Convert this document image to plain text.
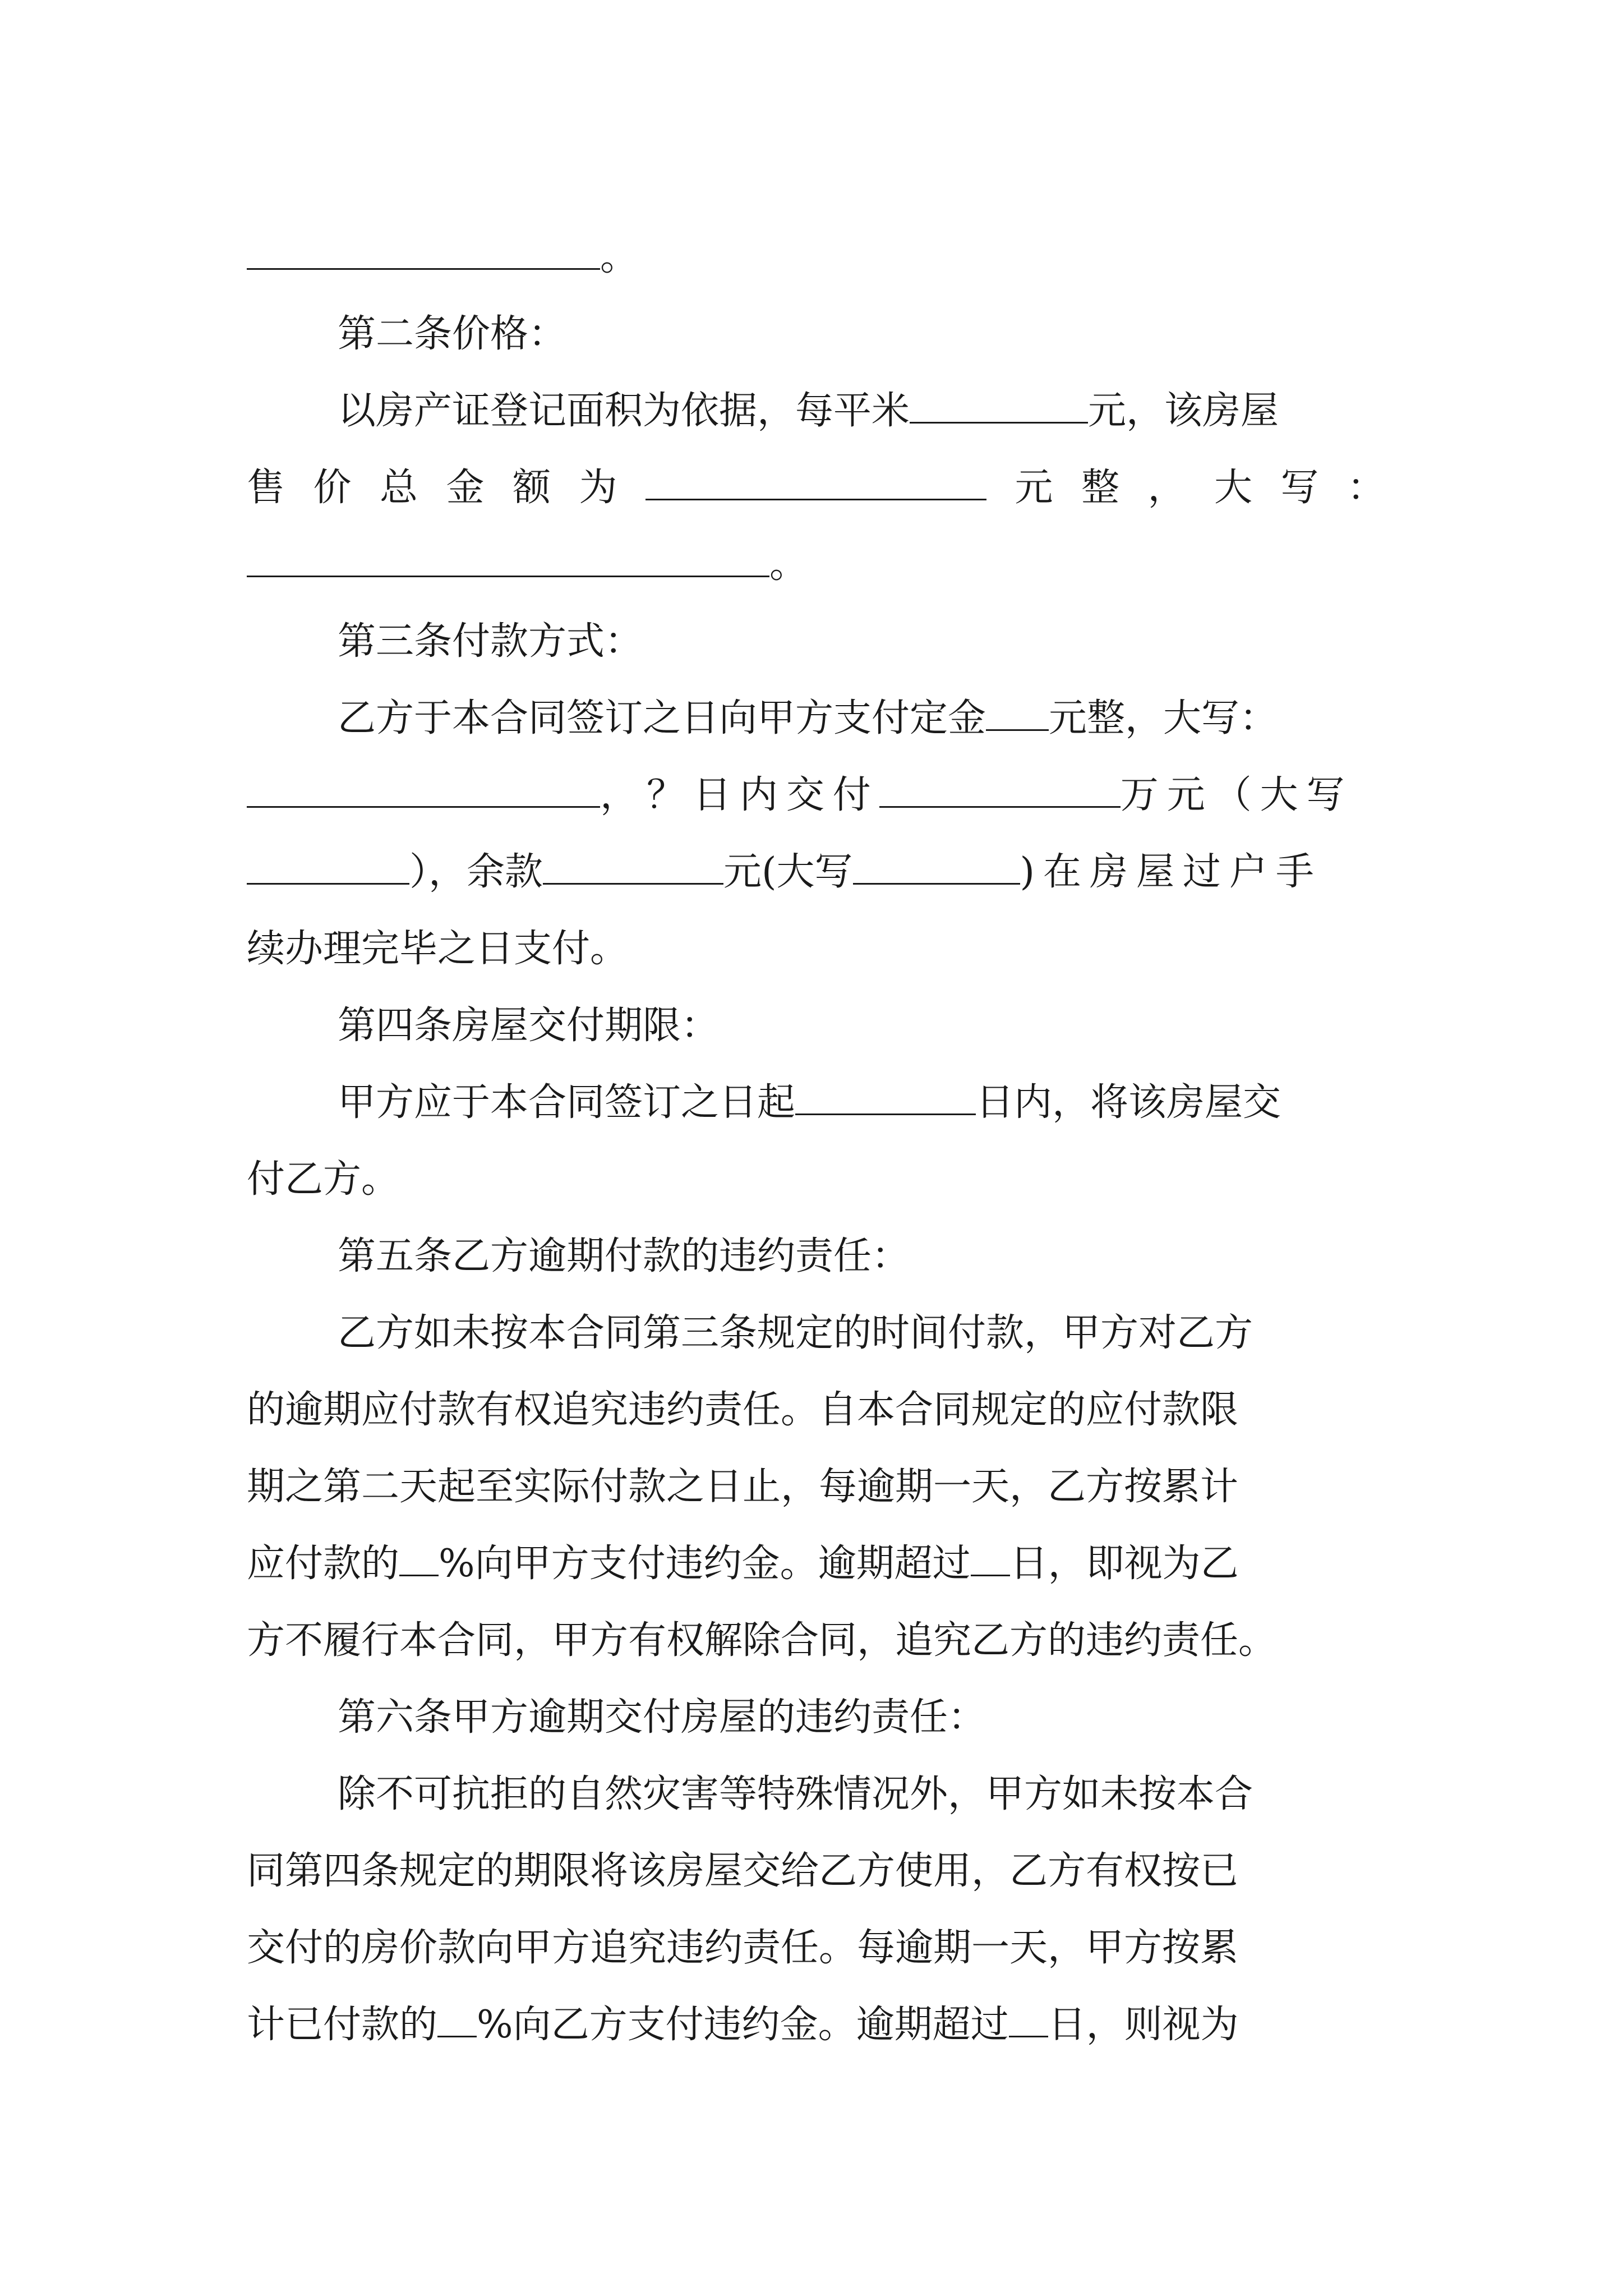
。
第二条价格：
以房产证登记面积为依据，每平米	元，该房屋
售 价 总 金 额 为	元 整 ， 大 写 ：
。
第三条付款方式：
乙方于本合同签订之日向甲方支付定金 元整，大写：
，？日内交付	万元（大写
），余款	元(大写	)在房屋过户手
续办理完毕之日支付。
第四条房屋交付期限：
甲方应于本合同签订之日起	日内，将该房屋交
付乙方。
第五条乙方逾期付款的违约责任：
乙方如未按本合同第三条规定的时间付款，甲方对乙方
的逾期应付款有权追究违约责任。自本合同规定的应付款限
期之第二天起至实际付款之日止，每逾期一天，乙方按累计
应付款的 %向甲方支付违约金。逾期超过 日，即视为乙
方不履行本合同，甲方有权解除合同，追究乙方的违约责任。
第六条甲方逾期交付房屋的违约责任：
除不可抗拒的自然灾害等特殊情况外，甲方如未按本合
同第四条规定的期限将该房屋交给乙方使用，乙方有权按已
交付的房价款向甲方追究违约责任。每逾期一天，甲方按累
计已付款的 %向乙方支付违约金。逾期超过 日，则视为
